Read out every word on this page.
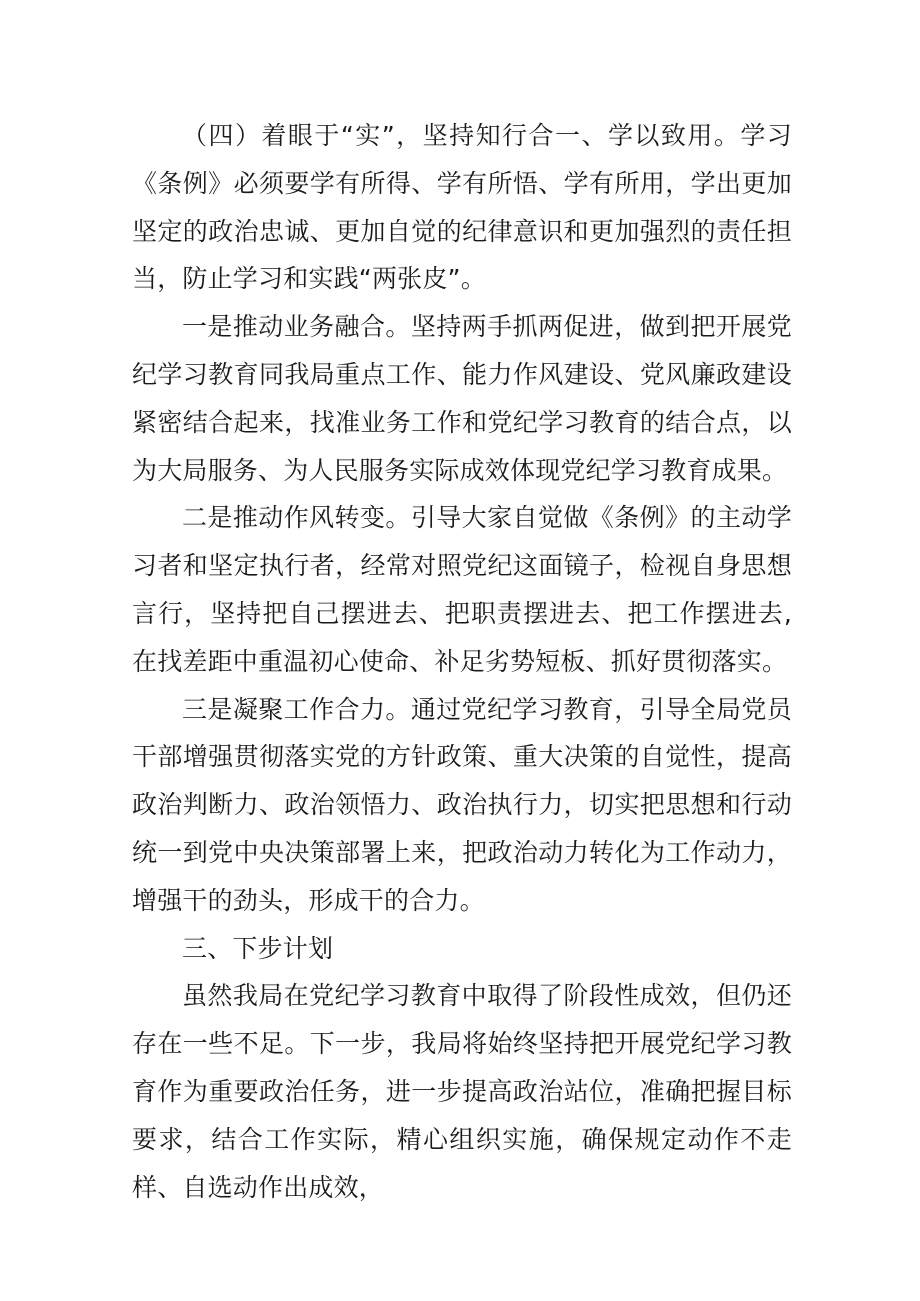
（四）着眼于“实”，坚持知行合一、学以致用。学习《条例》必须要学有所得、学有所悟、学有所用，学出更加坚定的政治忠诚、更加自觉的纪律意识和更加强烈的责任担当，防止学习和实践“两张皮”。

一是推动业务融合。坚持两手抓两促进，做到把开展党纪学习教育同我局重点工作、能力作风建设、党风廉政建设紧密结合起来，找准业务工作和党纪学习教育的结合点，以为大局服务、为人民服务实际成效体现党纪学习教育成果。

二是推动作风转变。引导大家自觉做《条例》的主动学习者和坚定执行者，经常对照党纪这面镜子，检视自身思想言行，坚持把自己摆进去、把职责摆进去、把工作摆进去,在找差距中重温初心使命、补足劣势短板、抓好贯彻落实。

三是凝聚工作合力。通过党纪学习教育，引导全局党员干部增强贯彻落实党的方针政策、重大决策的自觉性，提高政治判断力、政治领悟力、政治执行力，切实把思想和行动统一到党中央决策部署上来，把政治动力转化为工作动力，增强干的劲头，形成干的合力。

三、下步计划

虽然我局在党纪学习教育中取得了阶段性成效，但仍还存在一些不足。下一步，我局将始终坚持把开展党纪学习教育作为重要政治任务，进一步提高政治站位，准确把握目标要求，结合工作实际，精心组织实施，确保规定动作不走样、自选动作出成效，
